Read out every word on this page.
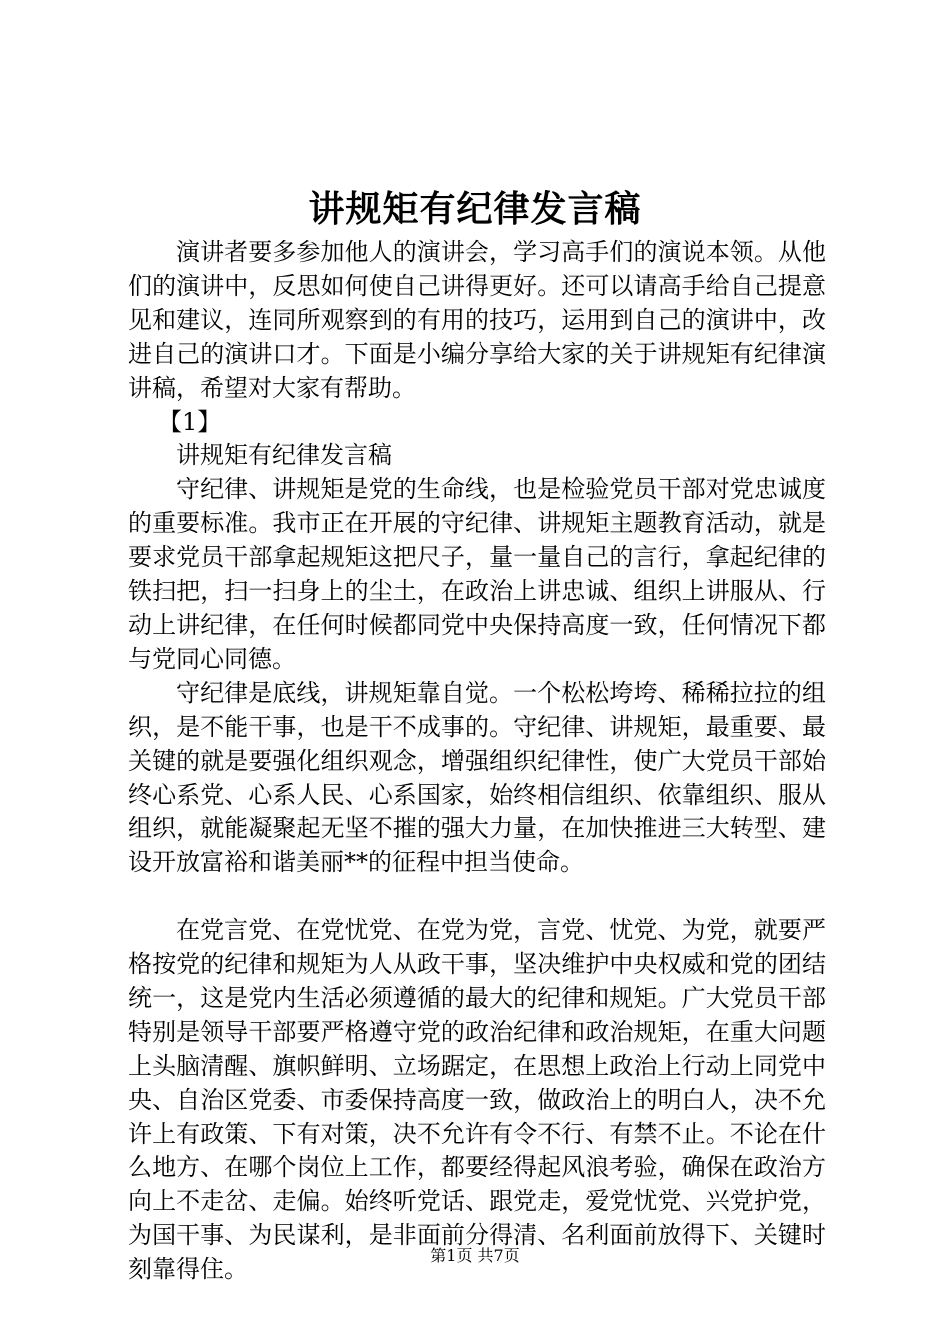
讲规矩有纪律发言稿

演讲者要多参加他人的演讲会，学习高手们的演说本领。从他们的演讲中，反思如何使自己讲得更好。还可以请高手给自己提意见和建议，连同所观察到的有用的技巧，运用到自己的演讲中，改进自己的演讲口才。下面是小编分享给大家的关于讲规矩有纪律演讲稿，希望对大家有帮助。

【1】

讲规矩有纪律发言稿

守纪律、讲规矩是党的生命线，也是检验党员干部对党忠诚度的重要标准。我市正在开展的守纪律、讲规矩主题教育活动，就是要求党员干部拿起规矩这把尺子，量一量自己的言行，拿起纪律的铁扫把，扫一扫身上的尘土，在政治上讲忠诚、组织上讲服从、行动上讲纪律，在任何时候都同党中央保持高度一致，任何情况下都与党同心同德。

守纪律是底线，讲规矩靠自觉。一个松松垮垮、稀稀拉拉的组织，是不能干事，也是干不成事的。守纪律、讲规矩，最重要、最关键的就是要强化组织观念，增强组织纪律性，使广大党员干部始终心系党、心系人民、心系国家，始终相信组织、依靠组织、服从组织，就能凝聚起无坚不摧的强大力量，在加快推进三大转型、建设开放富裕和谐美丽**的征程中担当使命。

在党言党、在党忧党、在党为党，言党、忧党、为党，就要严格按党的纪律和规矩为人从政干事，坚决维护中央权威和党的团结统一，这是党内生活必须遵循的最大的纪律和规矩。广大党员干部特别是领导干部要严格遵守党的政治纪律和政治规矩，在重大问题上头脑清醒、旗帜鲜明、立场踞定，在思想上政治上行动上同党中央、自治区党委、市委保持高度一致，做政治上的明白人，决不允许上有政策、下有对策，决不允许有令不行、有禁不止。不论在什么地方、在哪个岗位上工作，都要经得起风浪考验，确保在政治方向上不走岔、走偏。始终听党话、跟党走，爱党忧党、兴党护党，为国干事、为民谋利，是非面前分得清、名利面前放得下、关键时刻靠得住。	第1页 共7页
